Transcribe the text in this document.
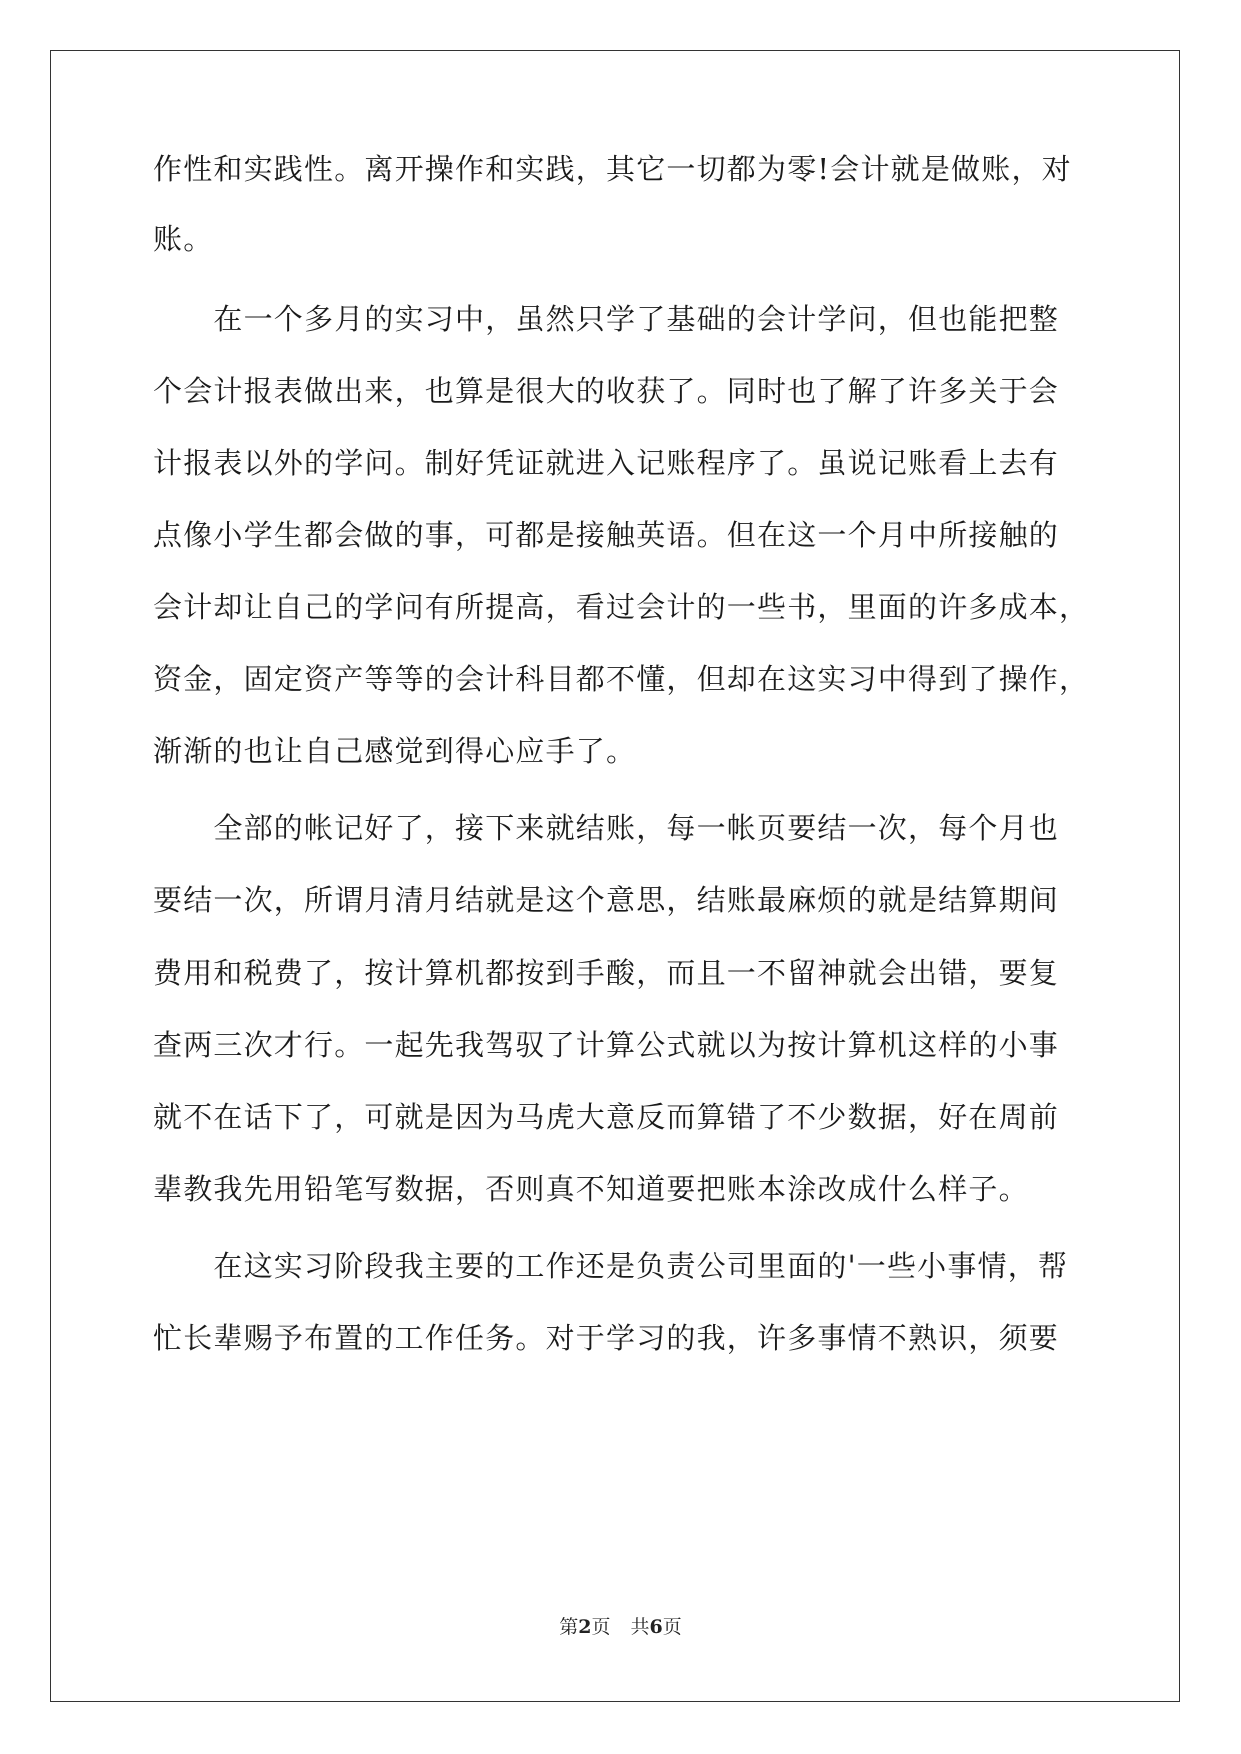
作性和实践性。离开操作和实践，其它一切都为零!会计就是做账，对
账。
　　在一个多月的实习中，虽然只学了基础的会计学问，但也能把整
个会计报表做出来，也算是很大的收获了。同时也了解了许多关于会
计报表以外的学问。制好凭证就进入记账程序了。虽说记账看上去有
点像小学生都会做的事，可都是接触英语。但在这一个月中所接触的
会计却让自己的学问有所提高，看过会计的一些书，里面的许多成本，
资金，固定资产等等的会计科目都不懂，但却在这实习中得到了操作，
渐渐的也让自己感觉到得心应手了。
　　全部的帐记好了，接下来就结账，每一帐页要结一次，每个月也
要结一次，所谓月清月结就是这个意思，结账最麻烦的就是结算期间
费用和税费了，按计算机都按到手酸，而且一不留神就会出错，要复
查两三次才行。一起先我驾驭了计算公式就以为按计算机这样的小事
就不在话下了，可就是因为马虎大意反而算错了不少数据，好在周前
辈教我先用铅笔写数据，否则真不知道要把账本涂改成什么样子。
　　在这实习阶段我主要的工作还是负责公司里面的'一些小事情，帮
忙长辈赐予布置的工作任务。对于学习的我，许多事情不熟识，须要
第2页 共6页
